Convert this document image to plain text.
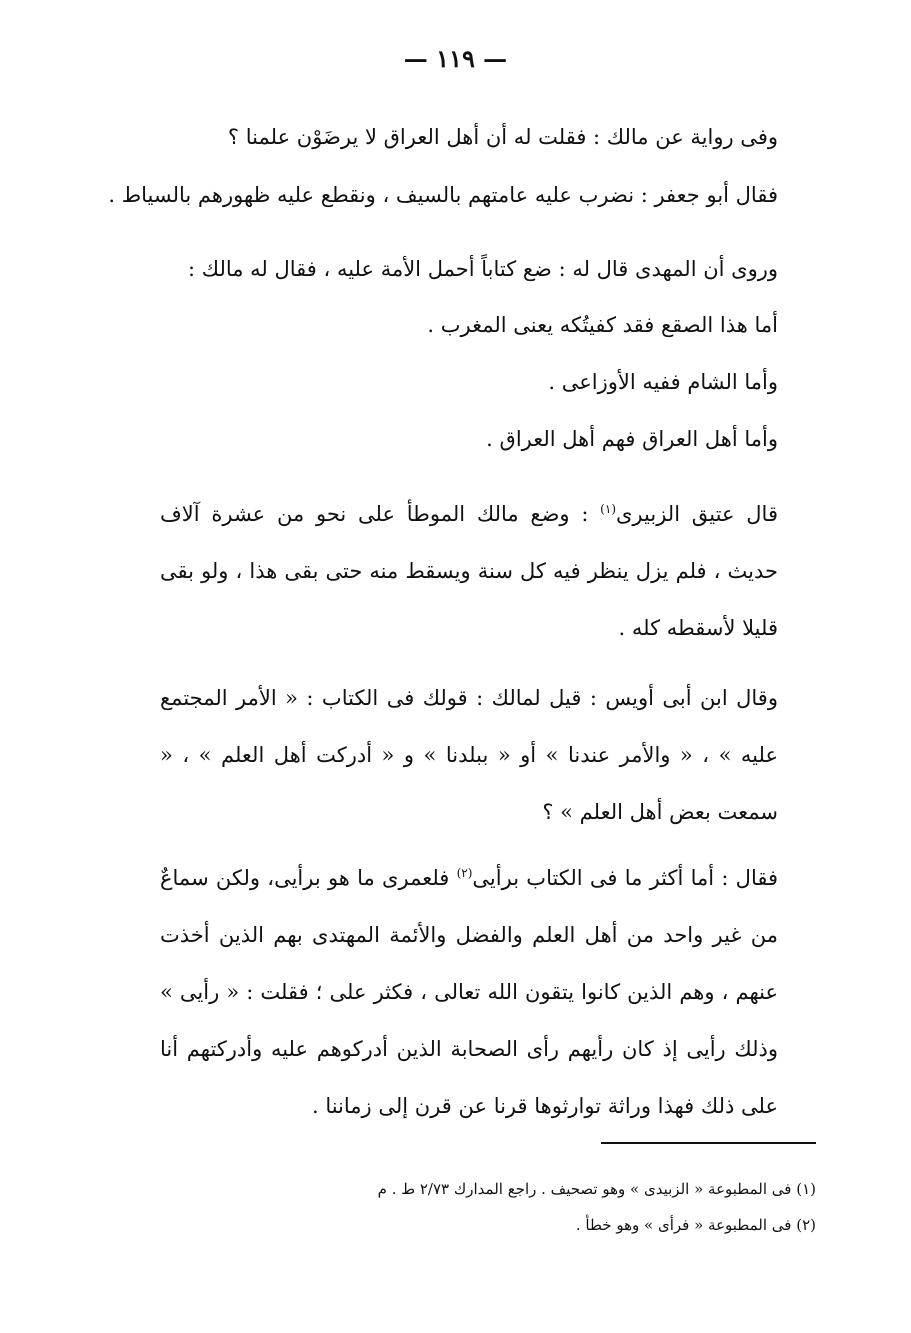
— ١١٩ —
وفى رواية عن مالك : فقلت له أن أهل العراق لا يرضَوْن علمنا ؟
فقال أبو جعفر : نضرب عليه عامتهم بالسيف ، ونقطع عليه ظهورهم بالسياط .
وروى أن المهدى قال له : ضع كتاباً أحمل الأمة عليه ، فقال له مالك :
أما هذا الصقع فقد كفيتُكه يعنى المغرب .
وأما الشام ففيه الأوزاعى .
وأما أهل العراق فهم أهل العراق .
قال عتيق الزبيرى$^{(١)}$ : وضع مالك الموطأ على نحو من عشرة آلاف حديث ، فلم يزل ينظر فيه كل سنة ويسقط منه حتى بقى هذا ، ولو بقى قليلا لأسقطه كله .
وقال ابن أبى أويس : قيل لمالك : قولك فى الكتاب : « الأمر المجتمع عليه » ، « والأمر عندنا » أو « ببلدنا » و « أدركت أهل العلم » ، « سمعت بعض أهل العلم » ؟
فقال : أما أكثر ما فى الكتاب برأيى$^{(٢)}$ فلعمرى ما هو برأيى، ولكن سماعٌ من غير واحد من أهل العلم والفضل والأئمة المهتدى بهم الذين أخذت عنهم ، وهم الذين كانوا يتقون الله تعالى ، فكثر على ؛ فقلت : « رأيى » وذلك رأيى إذ كان رأيهم رأى الصحابة الذين أدركوهم عليه وأدركتهم أنا على ذلك فهذا وراثة توارثوها قرنا عن قرن إلى زماننا .
(١) فى المطبوعة « الزبيدى » وهو تصحيف . راجع المدارك ٢/٧٣ ط . م
(٢) فى المطبوعة « فرأى » وهو خطأ .
